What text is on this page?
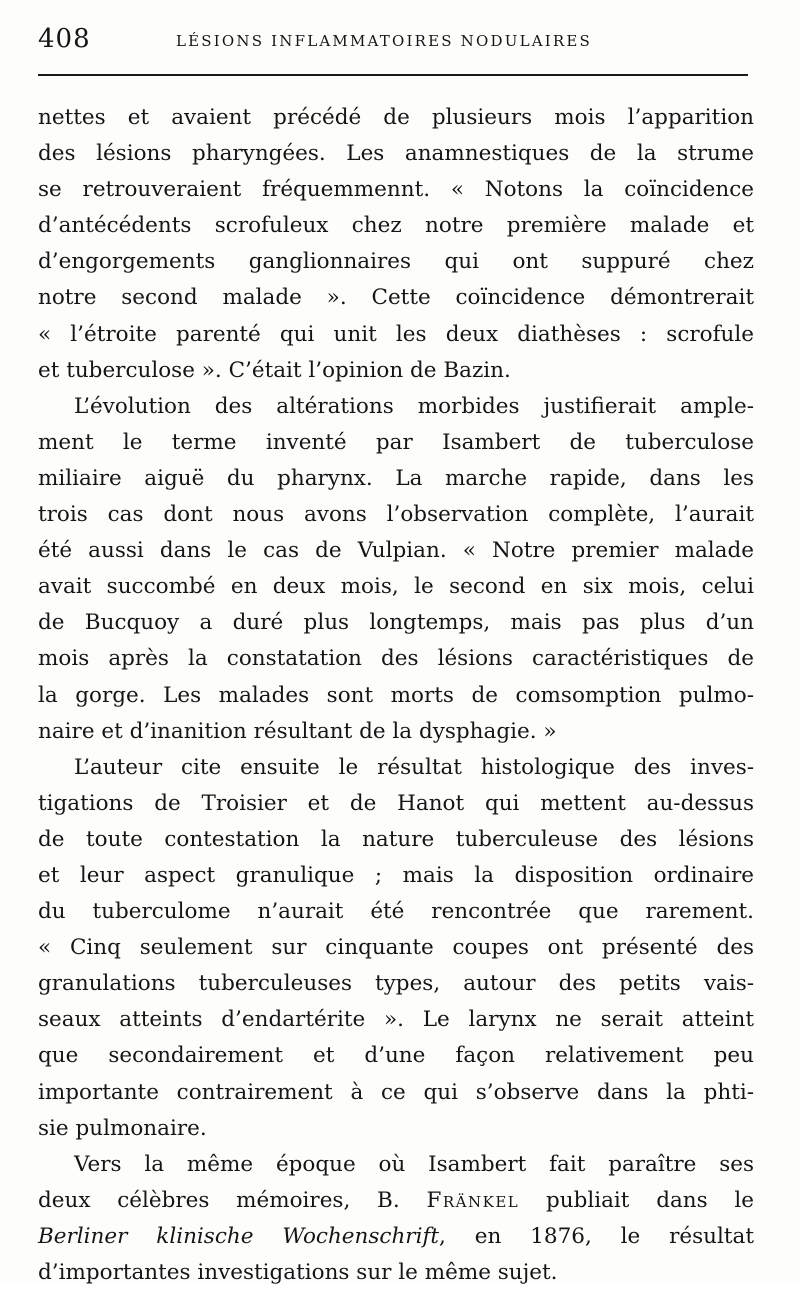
408	LÉSIONS INFLAMMATOIRES NODULAIRES
nettes et avaient précédé de plusieurs mois l’apparition
des lésions pharyngées. Les anamnestiques de la strume
se retrouveraient fréquemmennt. « Notons la coïncidence
d’antécédents scrofuleux chez notre première malade et
d’engorgements ganglionnaires qui ont suppuré chez
notre second malade ». Cette coïncidence démontrerait
« l’étroite parenté qui unit les deux diathèses : scrofule
et tuberculose ». C’était l’opinion de Bazin.
L’évolution des altérations morbides justifierait ample-
ment le terme inventé par Isambert de tuberculose
miliaire aiguë du pharynx. La marche rapide, dans les
trois cas dont nous avons l’observation complète, l’aurait
été aussi dans le cas de Vulpian. « Notre premier malade
avait succombé en deux mois, le second en six mois, celui
de Bucquoy a duré plus longtemps, mais pas plus d’un
mois après la constatation des lésions caractéristiques de
la gorge. Les malades sont morts de comsomption pulmo-
naire et d’inanition résultant de la dysphagie. »
L’auteur cite ensuite le résultat histologique des inves-
tigations de Troisier et de Hanot qui mettent au-dessus
de toute contestation la nature tuberculeuse des lésions
et leur aspect granulique ; mais la disposition ordinaire
du tuberculome n’aurait été rencontrée que rarement.
« Cinq seulement sur cinquante coupes ont présenté des
granulations tuberculeuses types, autour des petits vais-
seaux atteints d’endartérite ». Le larynx ne serait atteint
que secondairement et d’une façon relativement peu
importante contrairement à ce qui s’observe dans la phti-
sie pulmonaire.
Vers la même époque où Isambert fait paraître ses
deux célèbres mémoires, B. Fränkel publiait dans le
Berliner klinische Wochenschrift, en 1876, le résultat
d’importantes investigations sur le même sujet.
